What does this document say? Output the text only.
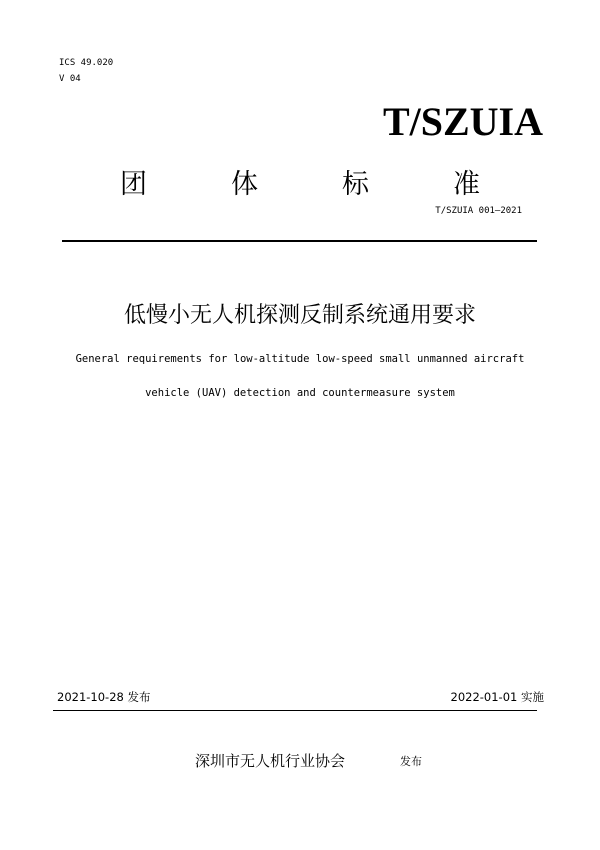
ICS 49.020
V 04
T/SZUIA
团	体	标	准
T/SZUIA 001—2021
低慢小无人机探测反制系统通用要求
General requirements for low-altitude low-speed small unmanned aircraft
vehicle (UAV) detection and countermeasure system
2021-10-28 发布	2022-01-01 实施
深圳市无人机行业协会	发布
